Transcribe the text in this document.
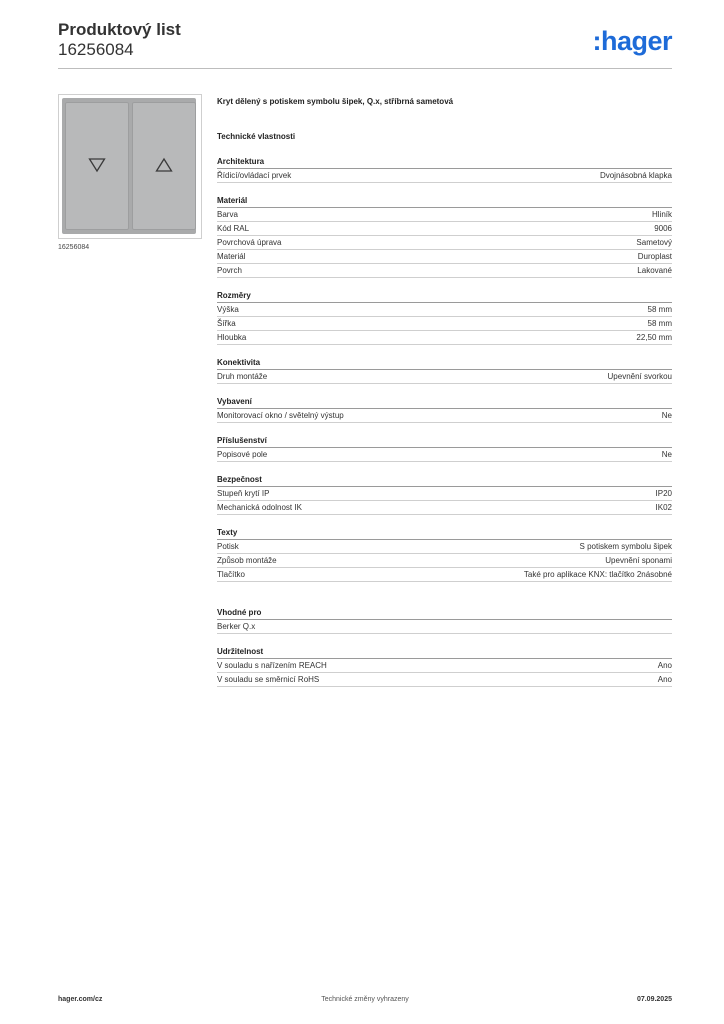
Produktový list
16256084	:hager
16256084
Kryt dělený s potiskem symbolu šipek, Q.x, stříbrná sametová
Technické vlastnosti
Architektura
Řídicí/ovládací prvek	Dvojnásobná klapka
Materiál
Barva	Hliník
Kód RAL	9006
Povrchová úprava	Sametový
Materiál	Duroplast
Povrch	Lakované
Rozměry
Výška	58 mm
Šířka	58 mm
Hloubka	22,50 mm
Konektivita
Druh montáže	Upevnění svorkou
Vybavení
Monitorovací okno / světelný výstup	Ne
Příslušenství
Popisové pole	Ne
Bezpečnost
Stupeň krytí IP	IP20
Mechanická odolnost IK	IK02
Texty
Potisk	S potiskem symbolu šipek
Způsob montáže	Upevnění sponami
Tlačítko	Také pro aplikace KNX: tlačítko 2násobné
Vhodné pro
Berker Q.x
Udržitelnost
V souladu s nařízením REACH	Ano
V souladu se směrnicí RoHS	Ano
hager.com/cz	Technické změny vyhrazeny	07.09.2025
